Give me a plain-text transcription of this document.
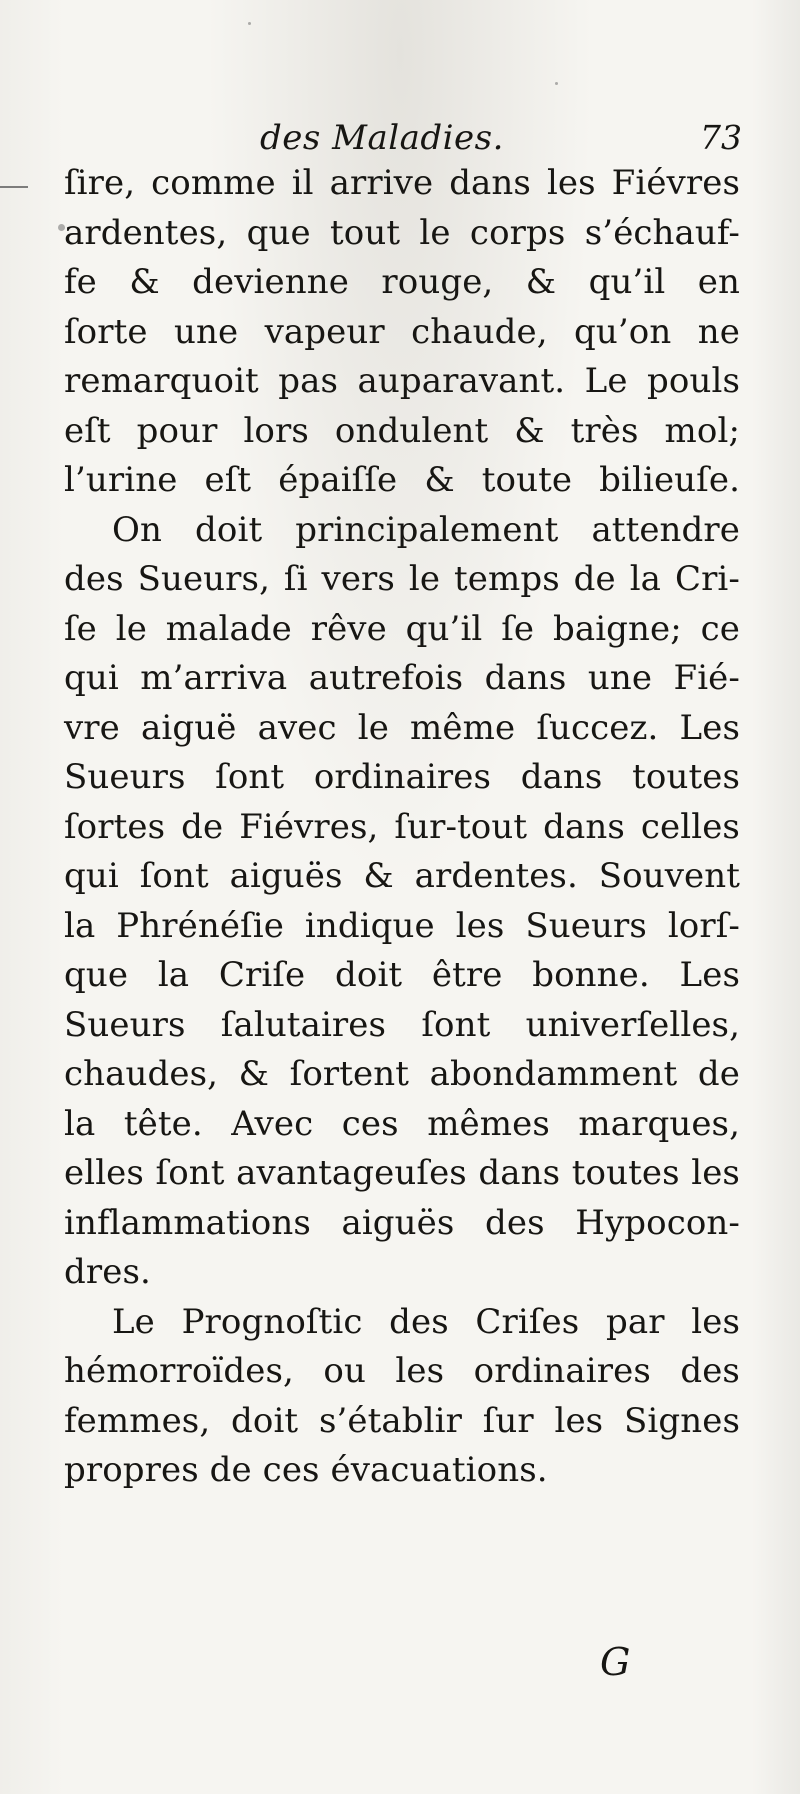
des Maladies.	73
ſire, comme il arrive dans les Fiévres
ardentes, que tout le corps s’échauf-
fe & devienne rouge, & qu’il en
ſorte une vapeur chaude, qu’on ne
remarquoit pas auparavant. Le pouls
eſt pour lors ondulent & très mol;
l’urine eſt épaiſſe & toute bilieuſe.
On doit principalement attendre
des Sueurs, ſi vers le temps de la Cri-
ſe le malade rêve qu’il ſe baigne; ce
qui m’arriva autrefois dans une Fié-
vre aiguë avec le même ſuccez. Les
Sueurs ſont ordinaires dans toutes
ſortes de Fiévres, ſur-tout dans celles
qui ſont aiguës & ardentes. Souvent
la Phrénéſie indique les Sueurs lorſ-
que la Criſe doit être bonne. Les
Sueurs ſalutaires ſont univerſelles,
chaudes, & ſortent abondamment de
la tête. Avec ces mêmes marques,
elles ſont avantageuſes dans toutes les
inflammations aiguës des Hypocon-
dres.
Le Prognoſtic des Criſes par les
hémorroïdes, ou les ordinaires des
femmes, doit s’établir ſur les Signes
propres de ces évacuations.
G
